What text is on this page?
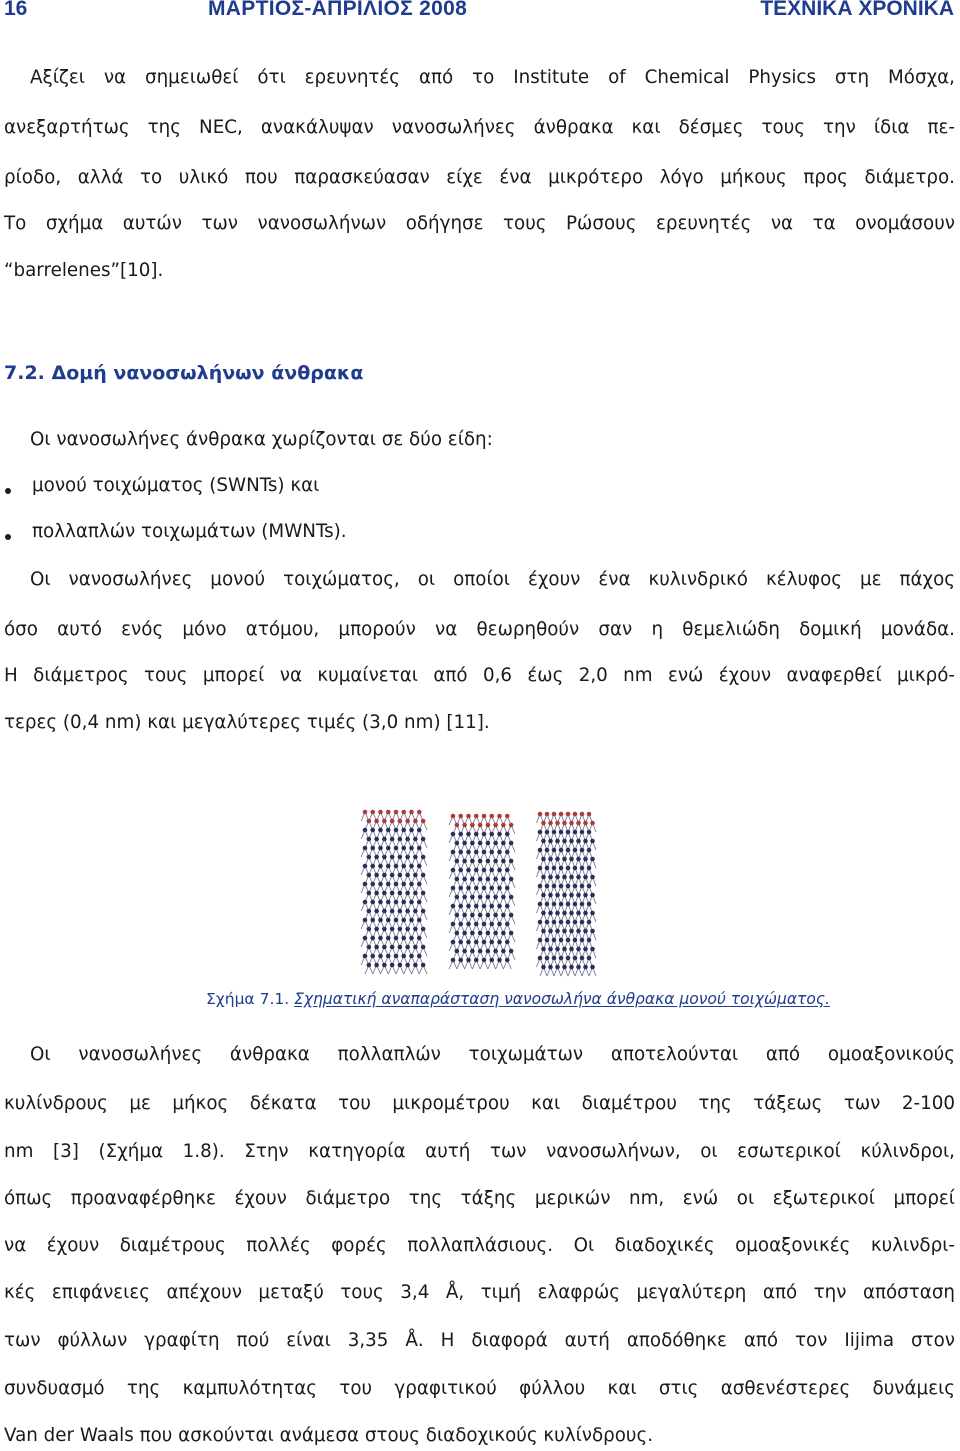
16	ΜΑΡΤΙΟΣ-ΑΠΡΙΛΙΟΣ 2008	ΤΕΧΝΙΚΑ ΧΡΟΝΙΚΑ
Αξίζει να σημειωθεί ότι ερευνητές από το Institute of Chemical Physics στη Μόσχα,
ανεξαρτήτως της NEC, ανακάλυψαν νανοσωλήνες άνθρακα και δέσμες τους την ίδια πε-
ρίοδο, αλλά το υλικό που παρασκεύασαν είχε ένα μικρότερο λόγο μήκους προς διάμετρο.
Το σχήμα αυτών των νανοσωλήνων οδήγησε τους Ρώσους ερευνητές να τα ονομάσουν
“barrelenes”[10].
7.2. Δομή νανοσωλήνων άνθρακα
Οι νανοσωλήνες άνθρακα χωρίζονται σε δύο είδη:
μονού τοιχώματος (SWNTs) και
πολλαπλών τοιχωμάτων (MWNTs).
Οι νανοσωλήνες μονού τοιχώματος, οι οποίοι έχουν ένα κυλινδρικό κέλυφος με πάχος
όσο αυτό ενός μόνο ατόμου, μπορούν να θεωρηθούν σαν η θεμελιώδη δομική μονάδα.
Η διάμετρος τους μπορεί να κυμαίνεται από 0,6 έως 2,0 nm ενώ έχουν αναφερθεί μικρό-
τερες (0,4 nm) και μεγαλύτερες τιμές (3,0 nm) [11].
Σχήμα 7.1. Σχηματική αναπαράσταση νανοσωλήνα άνθρακα μονού τοιχώματος.
Οι νανοσωλήνες άνθρακα πολλαπλών τοιχωμάτων αποτελούνται από ομοαξονικούς
κυλίνδρους με μήκος δέκατα του μικρομέτρου και διαμέτρου της τάξεως των 2-100
nm [3] (Σχήμα 1.8). Στην κατηγορία αυτή των νανοσωλήνων, οι εσωτερικοί κύλινδροι,
όπως προαναφέρθηκε έχουν διάμετρο της τάξης μερικών nm, ενώ οι εξωτερικοί μπορεί
να έχουν διαμέτρους πολλές φορές πολλαπλάσιους. Οι διαδοχικές ομοαξονικές κυλινδρι-
κές επιφάνειες απέχουν μεταξύ τους 3,4 Å, τιμή ελαφρώς μεγαλύτερη από την απόσταση
των φύλλων γραφίτη πού είναι 3,35 Å. Η διαφορά αυτή αποδόθηκε από τον Iijima στον
συνδυασμό της καμπυλότητας του γραφιτικού φύλλου και στις ασθενέστερες δυνάμεις
Van der Waals που ασκούνται ανάμεσα στους διαδοχικούς κυλίνδρους.
